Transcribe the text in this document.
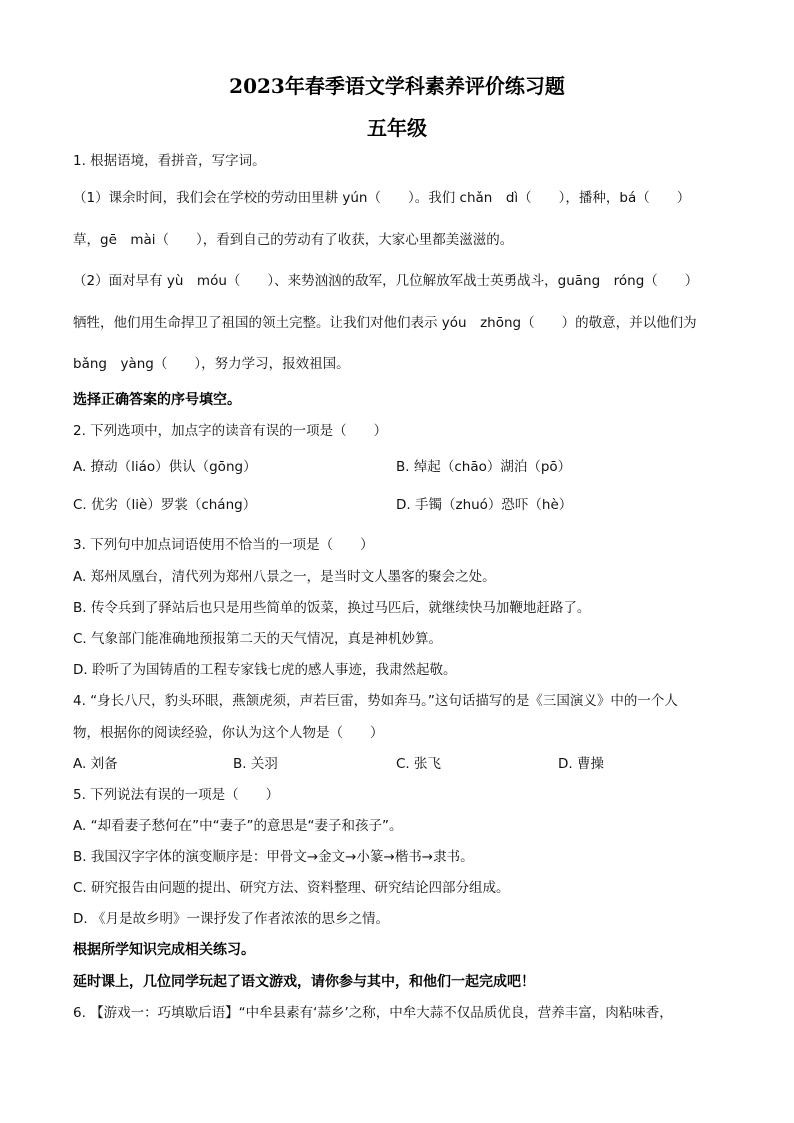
2023年春季语文学科素养评价练习题
五年级
1. 根据语境，看拼音，写字词。
（1）课余时间，我们会在学校的劳动田里耕 yún（　　）。我们 chǎn　dì（　　），播种，bá（　　）
草，gē　mài（　　），看到自己的劳动有了收获，大家心里都美滋滋的。
（2）面对早有 yù　móu（　　）、来势汹汹的敌军，几位解放军战士英勇战斗，guāng　róng（　　）
牺牲，他们用生命捍卫了祖国的领土完整。让我们对他们表示 yóu　zhōng（　　）的敬意，并以他们为
bǎng　yàng（　　），努力学习，报效祖国。
选择正确答案的序号填空。
2. 下列选项中，加点字的读音有误的一项是（　　）
A. 撩动（liáo）供认（gōng）	B. 绰起（chāo）湖泊（pō）
C. 优劣（liè）罗裳（cháng）	D. 手镯（zhuó）恐吓（hè）
3. 下列句中加点词语使用不恰当的一项是（　　）
A. 郑州凤凰台，清代列为郑州八景之一，是当时文人墨客的聚会之处。
B. 传令兵到了驿站后也只是用些简单的饭菜，换过马匹后，就继续快马加鞭地赶路了。
C. 气象部门能准确地预报第二天的天气情况，真是神机妙算。
D. 聆听了为国铸盾的工程专家钱七虎的感人事迹，我肃然起敬。
4. “身长八尺，豹头环眼，燕颔虎须，声若巨雷，势如奔马。”这句话描写的是《三国演义》中的一个人
物，根据你的阅读经验，你认为这个人物是（　　）
A. 刘备	B. 关羽	C. 张飞	D. 曹操
5. 下列说法有误的一项是（　　）
A. “却看妻子愁何在”中“妻子”的意思是“妻子和孩子”。
B. 我国汉字字体的演变顺序是：甲骨文→金文→小篆→楷书→隶书。
C. 研究报告由问题的提出、研究方法、资料整理、研究结论四部分组成。
D. 《月是故乡明》一课抒发了作者浓浓的思乡之情。
根据所学知识完成相关练习。
延时课上，几位同学玩起了语文游戏，请你参与其中，和他们一起完成吧！
6. 【游戏一：巧填歇后语】“中牟县素有‘蒜乡’之称，中牟大蒜不仅品质优良，营养丰富，肉粘味香，
